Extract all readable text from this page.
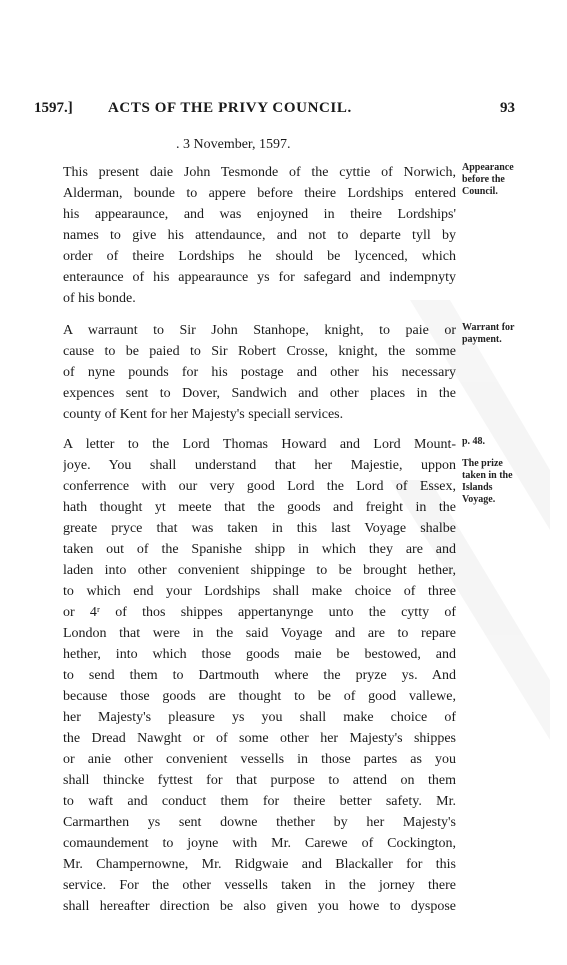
1597.] ACTS OF THE PRIVY COUNCIL.	93
. 3 November, 1597.
This present daie John Tesmonde of the cyttie of Norwich,
Alderman, bounde to appere before theire Lordships entered
his appearaunce, and was enjoyned in theire Lordships'
names to give his attendaunce, and not to departe tyll by
order of theire Lordships he should be lycenced, which
enteraunce of his appearaunce ys for safegard and indempnyty
of his bonde.
Appearance
before the
Council.
A warraunt to Sir John Stanhope, knight, to paie or
cause to be paied to Sir Robert Crosse, knight, the somme
of nyne pounds for his postage and other his necessary
expences sent to Dover, Sandwich and other places in the
county of Kent for her Majesty's speciall services.
Warrant for
payment.
A letter to the Lord Thomas Howard and Lord Mount-
joye. You shall understand that her Majestie, uppon
conferrence with our very good Lord the Lord of Essex,
hath thought yt meete that the goods and freight in the
greate pryce that was taken in this last Voyage shalbe
taken out of the Spanishe shipp in which they are and
laden into other convenient shippinge to be brought hether,
to which end your Lordships shall make choice of three
or 4ʳ of thos shippes appertanynge unto the cytty of
London that were in the said Voyage and are to repare
hether, into which those goods maie be bestowed, and
to send them to Dartmouth where the pryze ys. And
because those goods are thought to be of good vallewe,
her Majesty's pleasure ys you shall make choice of
the Dread Nawght or of some other her Majesty's shippes
or anie other convenient vessells in those partes as you
shall thincke fyttest for that purpose to attend on them
to waft and conduct them for theire better safety. Mr.
Carmarthen ys sent downe thether by her Majesty's
comaundement to joyne with Mr. Carewe of Cockington,
Mr. Champernowne, Mr. Ridgwaie and Blackaller for this
service. For the other vessells taken in the jorney there
shall hereafter direction be also given you howe to dyspose
p. 48.
The prize
taken in the
Islands
Voyage.
